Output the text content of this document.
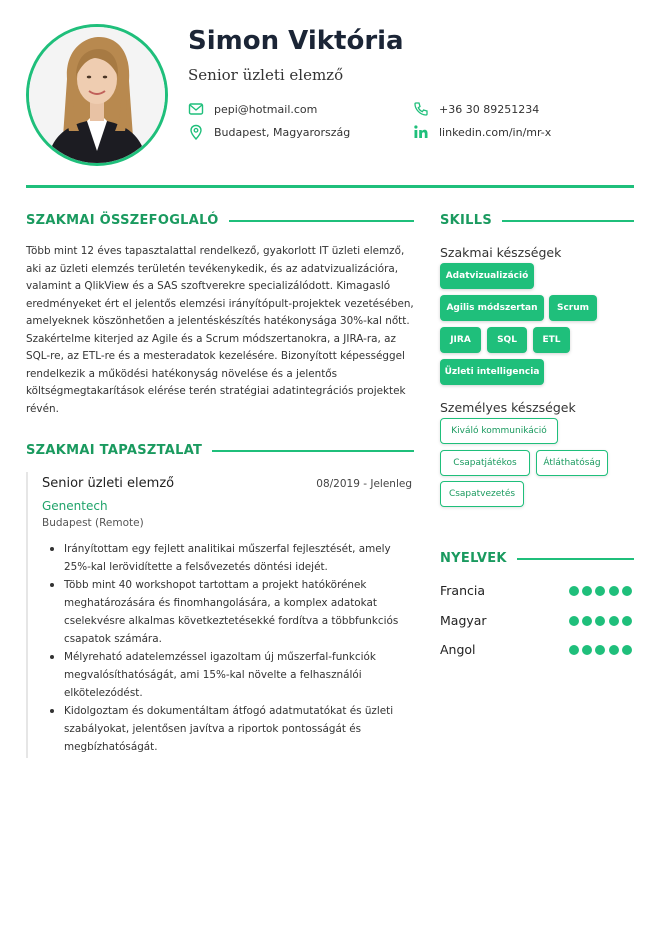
Simon Viktória
Senior üzleti elemző
pepi@hotmail.com	+36 30 89251234
Budapest, Magyarország	linkedin.com/in/mr-x
SZAKMAI ÖSSZEFOGLALÓ
Több mint 12 éves tapasztalattal rendelkező, gyakorlott IT üzleti elemző, aki az üzleti elemzés területén tevékenykedik, és az adatvizualizációra, valamint a QlikView és a SAS szoftverekre specializálódott. Kimagasló eredményeket ért el jelentős elemzési irányítópult-projektek vezetésében, amelyeknek köszönhetően a jelentéskészítés hatékonysága 30%-kal nőtt. Szakértelme kiterjed az Agile és a Scrum módszertanokra, a JIRA-ra, az SQL-re, az ETL-re és a mesteradatok kezelésére. Bizonyított képességgel rendelkezik a működési hatékonyság növelése és a jelentős költségmegtakarítások elérése terén stratégiai adatintegrációs projektek révén.
SZAKMAI TAPASZTALAT
Senior üzleti elemző	08/2019 - Jelenleg
Genentech
Budapest (Remote)
Irányítottam egy fejlett analitikai műszerfal fejlesztését, amely 25%-kal lerövidítette a felsővezetés döntési idejét.
Több mint 40 workshopot tartottam a projekt hatókörének meghatározására és finomhangolására, a komplex adatokat cselekvésre alkalmas következtetésekké fordítva a többfunkciós csapatok számára.
Mélyreható adatelemzéssel igazoltam új műszerfal-funkciók megvalósíthatóságát, ami 15%-kal növelte a felhasználói elkötelezódést.
Kidolgoztam és dokumentáltam átfogó adatmutatókat és üzleti szabályokat, jelentősen javítva a riportok pontosságát és megbízhatóságát.
SKILLS
Szakmai készségek
Adatvizualizáció
Agilis módszertan	Scrum
JIRA	SQL	ETL
Üzleti intelligencia
Személyes készségek
Kiváló kommunikáció
Csapatjátékos	Átláthatóság
Csapatvezetés
NYELVEK
Francia
Magyar
Angol
